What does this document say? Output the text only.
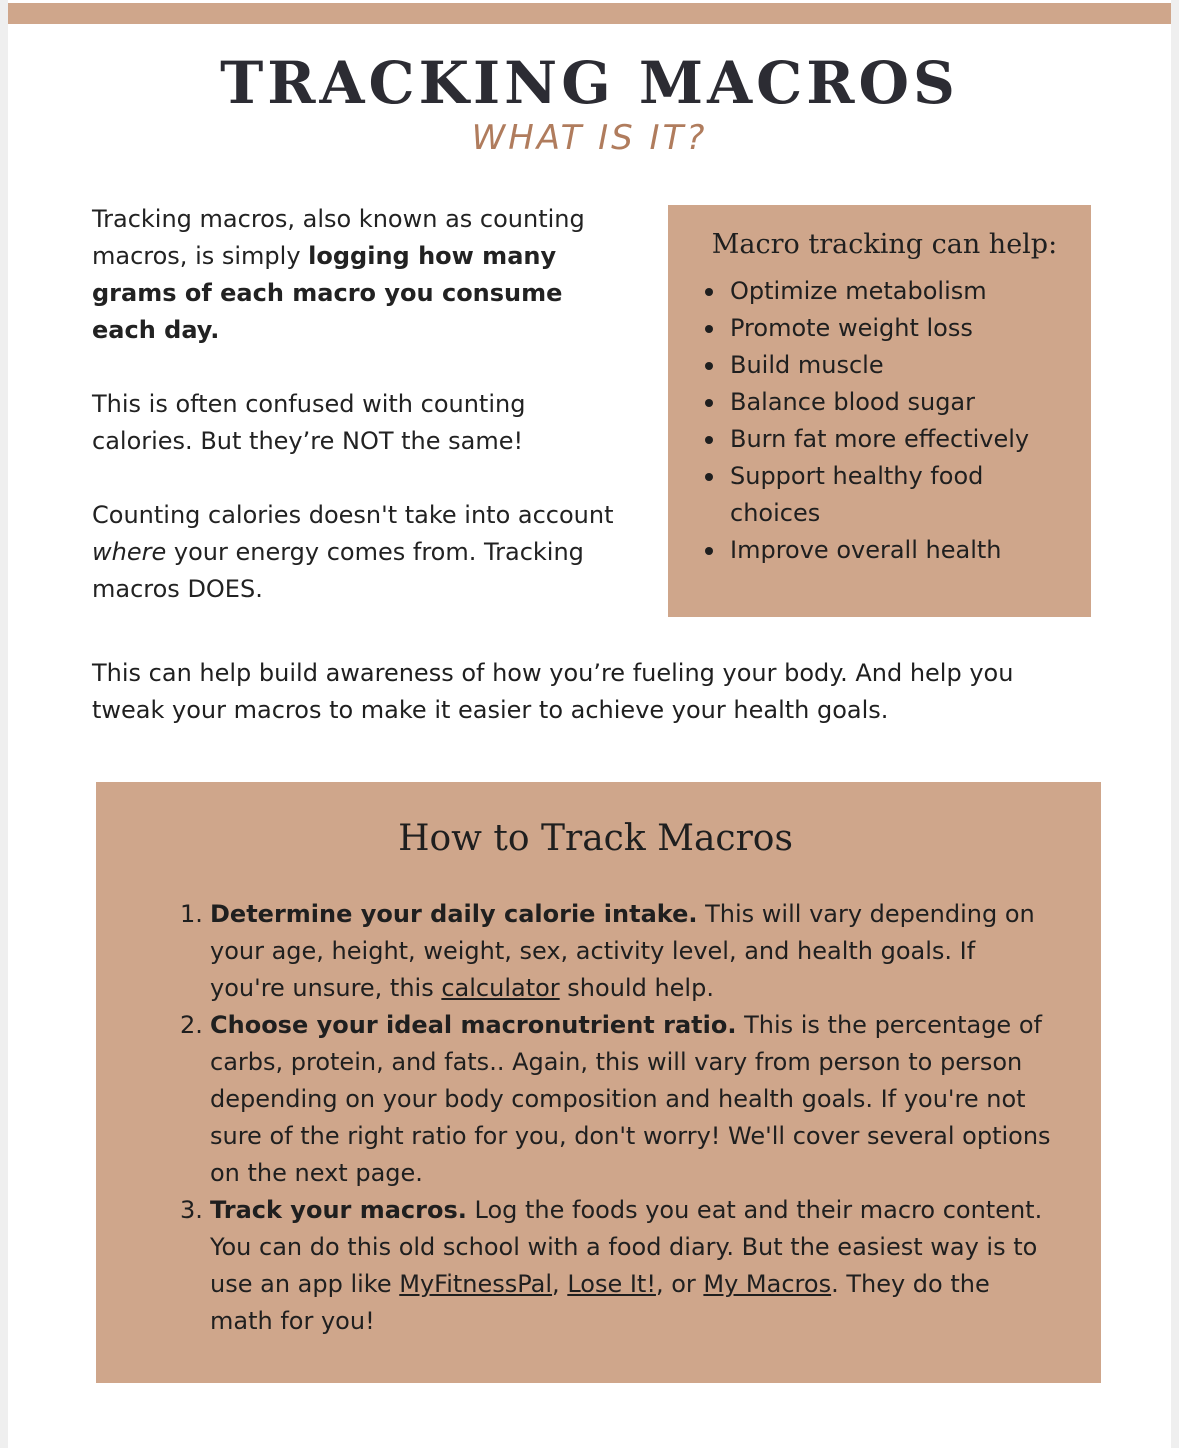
TRACKING MACROS
WHAT IS IT?

Tracking macros, also known as counting macros, is simply logging how many grams of each macro you consume each day.

This is often confused with counting calories. But they’re NOT the same!

Counting calories doesn't take into account where your energy comes from. Tracking macros DOES.

Macro tracking can help:
Optimize metabolism
Promote weight loss
Build muscle
Balance blood sugar
Burn fat more effectively
Support healthy food choices
Improve overall health
This can help build awareness of how you’re fueling your body. And help you tweak your macros to make it easier to achieve your health goals.
How to Track Macros
1. Determine your daily calorie intake. This will vary depending on your age, height, weight, sex, activity level, and health goals. If you're unsure, this calculator should help.
2. Choose your ideal macronutrient ratio. This is the percentage of carbs, protein, and fats.. Again, this will vary from person to person depending on your body composition and health goals. If you're not sure of the right ratio for you, don't worry! We'll cover several options on the next page.
3. Track your macros. Log the foods you eat and their macro content. You can do this old school with a food diary. But the easiest way is to use an app like MyFitnessPal, Lose It!, or My Macros. They do the math for you!
